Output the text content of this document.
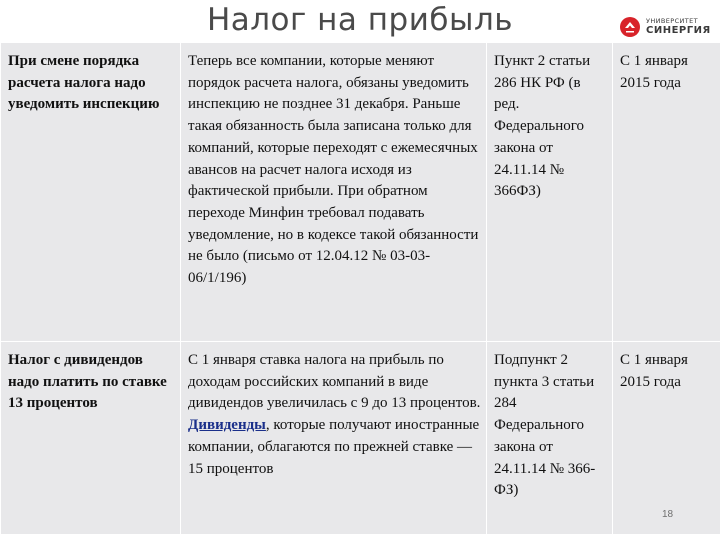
Налог на прибыль	УНИВЕРСИТЕТ
СИНЕРГИЯ
При смене порядка расчета налога надо уведомить инспекцию	Теперь все компании, которые меняют порядок расчета налога, обязаны уведомить инспекцию не позднее 31 декабря. Раньше такая обязанность была записана только для компаний, которые переходят с ежемесячных авансов на расчет налога исходя из фактической прибыли. При обратном переходе Минфин требовал подавать уведомление, но в кодексе такой обязанности не было (письмо от 12.04.12 № 03-03-06/1/196)	Пункт 2 статьи 286 НК РФ (в ред. Федерального закона от 24.11.14 № 366ФЗ)	С 1 января 2015 года
Налог с дивидендов надо платить по ставке 13 процентов	С 1 января ставка налога на прибыль по доходам российских компаний в виде дивидендов увеличилась с 9 до 13 процентов. Дивиденды, которые получают иностранные компании, облагаются по прежней ставке — 15 процентов	Подпункт 2 пункта 3 статьи 284 Федерального закона от 24.11.14 № 366-ФЗ)	С 1 января 2015 года
18
